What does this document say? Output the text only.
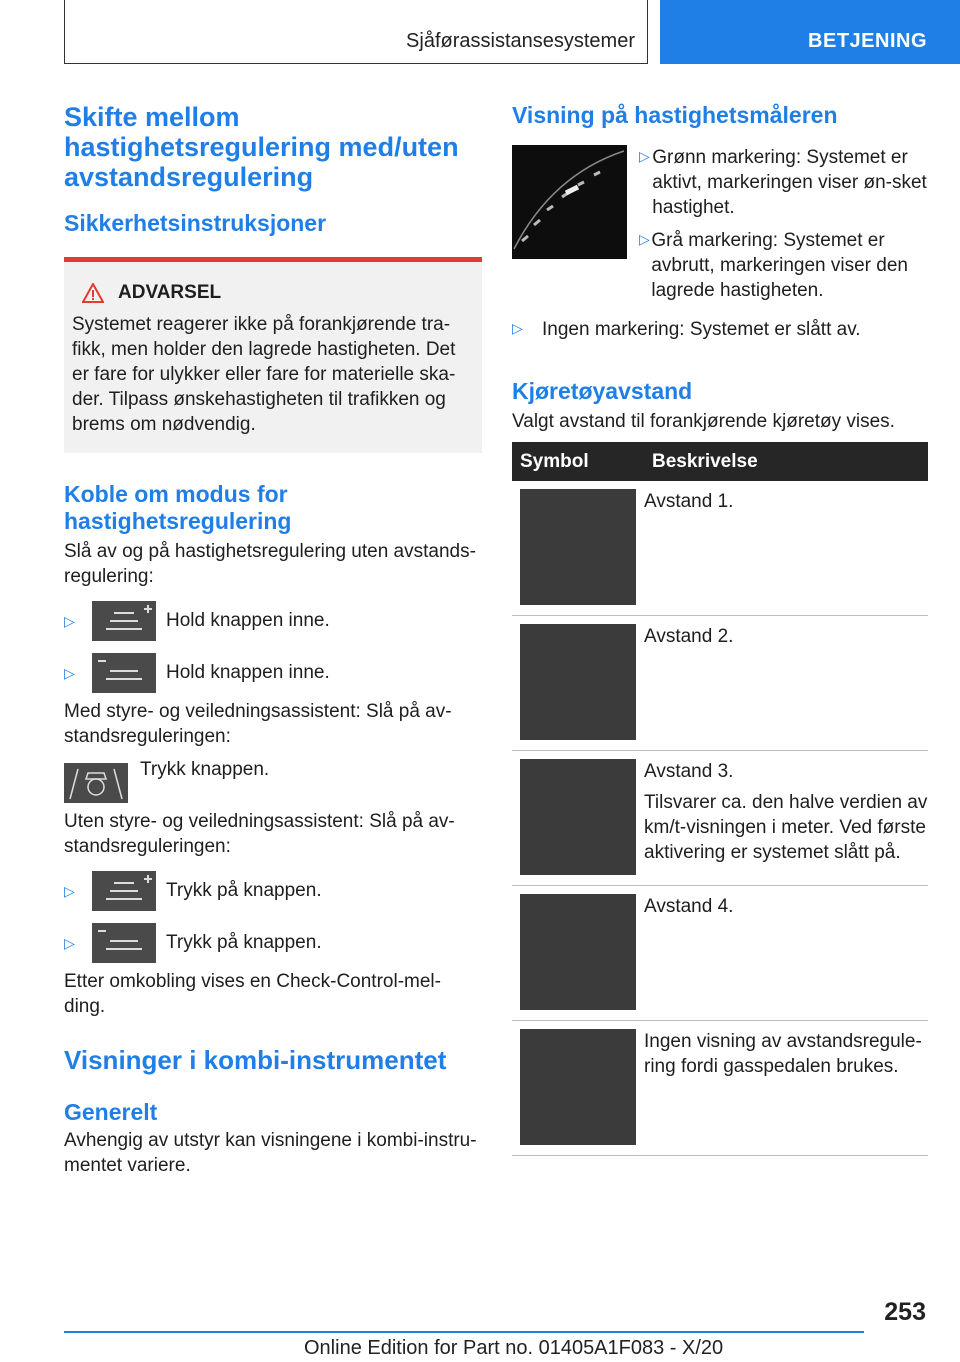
Sjåførassistansesystemer	BETJENING
Skifte mellom hastighetsregulering med/uten avstandsregulering
Sikkerhetsinstruksjoner
ADVARSEL

Systemet reagerer ikke på forankjørende tra-fikk, men holder den lagrede hastigheten. Det er fare for ulykker eller fare for materielle ska-der. Tilpass ønskehastigheten til trafikken og brems om nødvendig.

Koble om modus for hastighetsregulering

Slå av og på hastighetsregulering uten avstands-regulering:

▷	Hold knappen inne.
▷	Hold knappen inne.

Med styre- og veiledningsassistent: Slå på av-standsreguleringen:

Trykk knappen.

Uten styre- og veiledningsassistent: Slå på av-standsreguleringen:

▷	Trykk på knappen.
▷	Trykk på knappen.

Etter omkobling vises en Check-Control-mel-ding.

Visninger i kombi-instrumentet
Generelt

Avhengig av utstyr kan visningene i kombi-instru-mentet variere.

Visning på hastighetsmåleren
▷ Grønn markering: Systemet er aktivt, markeringen viser øn-sket hastighet.

▷ Grå markering: Systemet er avbrutt, markeringen viser den lagrede hastigheten.

▷	Ingen markering: Systemet er slått av.

Kjøretøyavstand

Valgt avstand til forankjørende kjøretøy vises.

Symbol	Beskrivelse

	Avstand 1.

	Avstand 2.

	Avstand 3.

Tilsvarer ca. den halve verdien av km/t-visningen i meter. Ved første aktivering er systemet slått på.

	Avstand 4.

	Ingen visning av avstandsregule-ring fordi gasspedalen brukes.

253
Online Edition for Part no. 01405A1F083 - X/20
